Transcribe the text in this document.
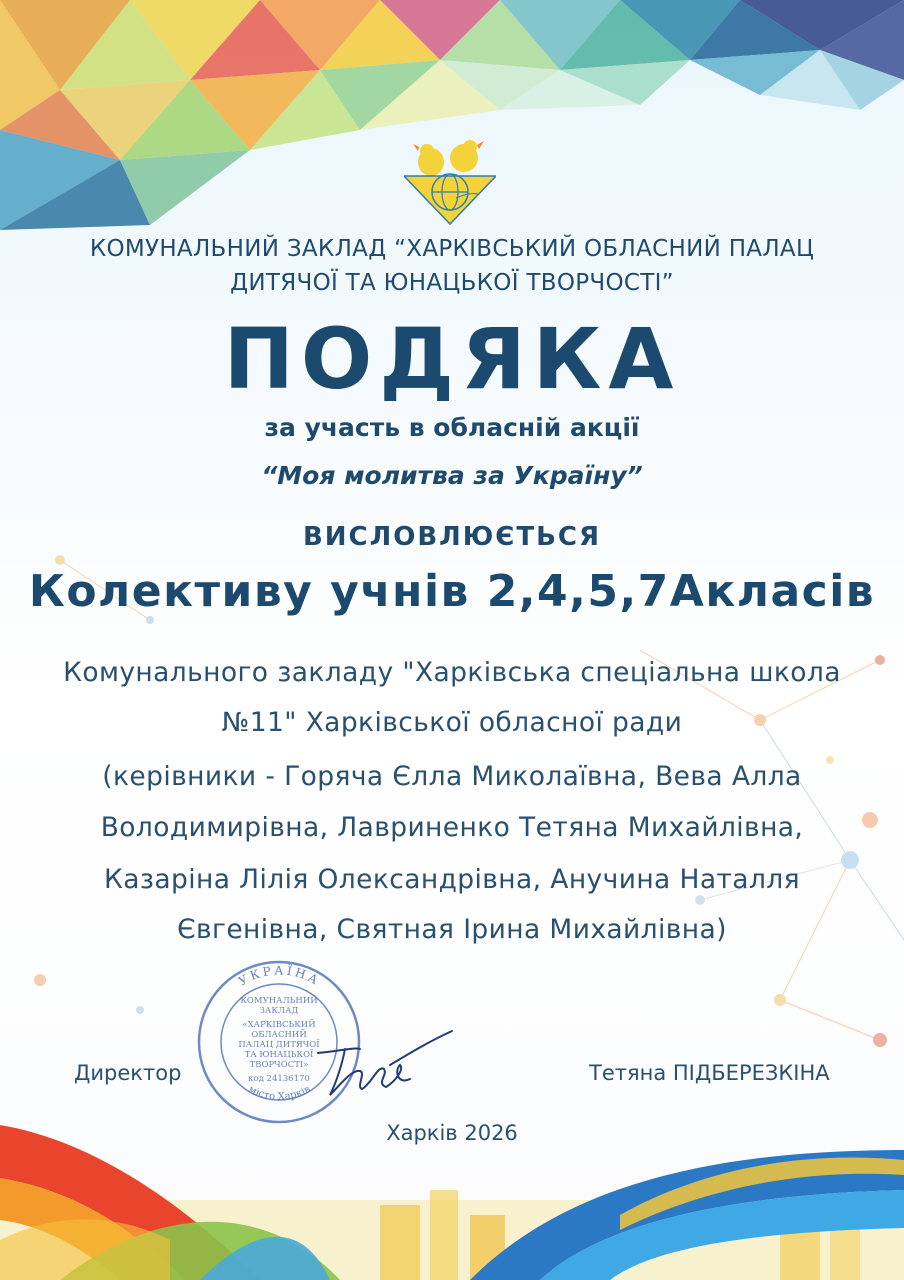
КОМУНАЛЬНИЙ ЗАКЛАД “ХАРКІВСЬКИЙ ОБЛАСНИЙ ПАЛАЦ
ДИТЯЧОЇ ТА ЮНАЦЬКОЇ ТВОРЧОСТІ”
ПОДЯКА
за участь в обласній акції
“Моя молитва за Україну”
ВИСЛОВЛЮЄТЬСЯ
Колективу учнів 2,4,5,7Акласів
Комунального закладу "Харківська спеціальна школа
№11" Харківської обласної ради
(керівники - Горяча Єлла Миколаївна, Вева Алла
Володимирівна, Лавриненко Тетяна Михайлівна,
Казаріна Лілія Олександрівна, Анучина Наталля
Євгенівна, Святная Ірина Михайлівна)
УКРАЇНА
місто Харків
КОМУНАЛЬНИЙ
ЗАКЛАД
«ХАРКІВСЬКИЙ
ОБЛАСНИЙ
ПАЛАЦ ДИТЯЧОЇ
ТА ЮНАЦЬКОЇ
ТВОРЧОСТІ»
код 24136170
Директор	Тетяна ПІДБЕРЕЗКІНА
Харків 2026
